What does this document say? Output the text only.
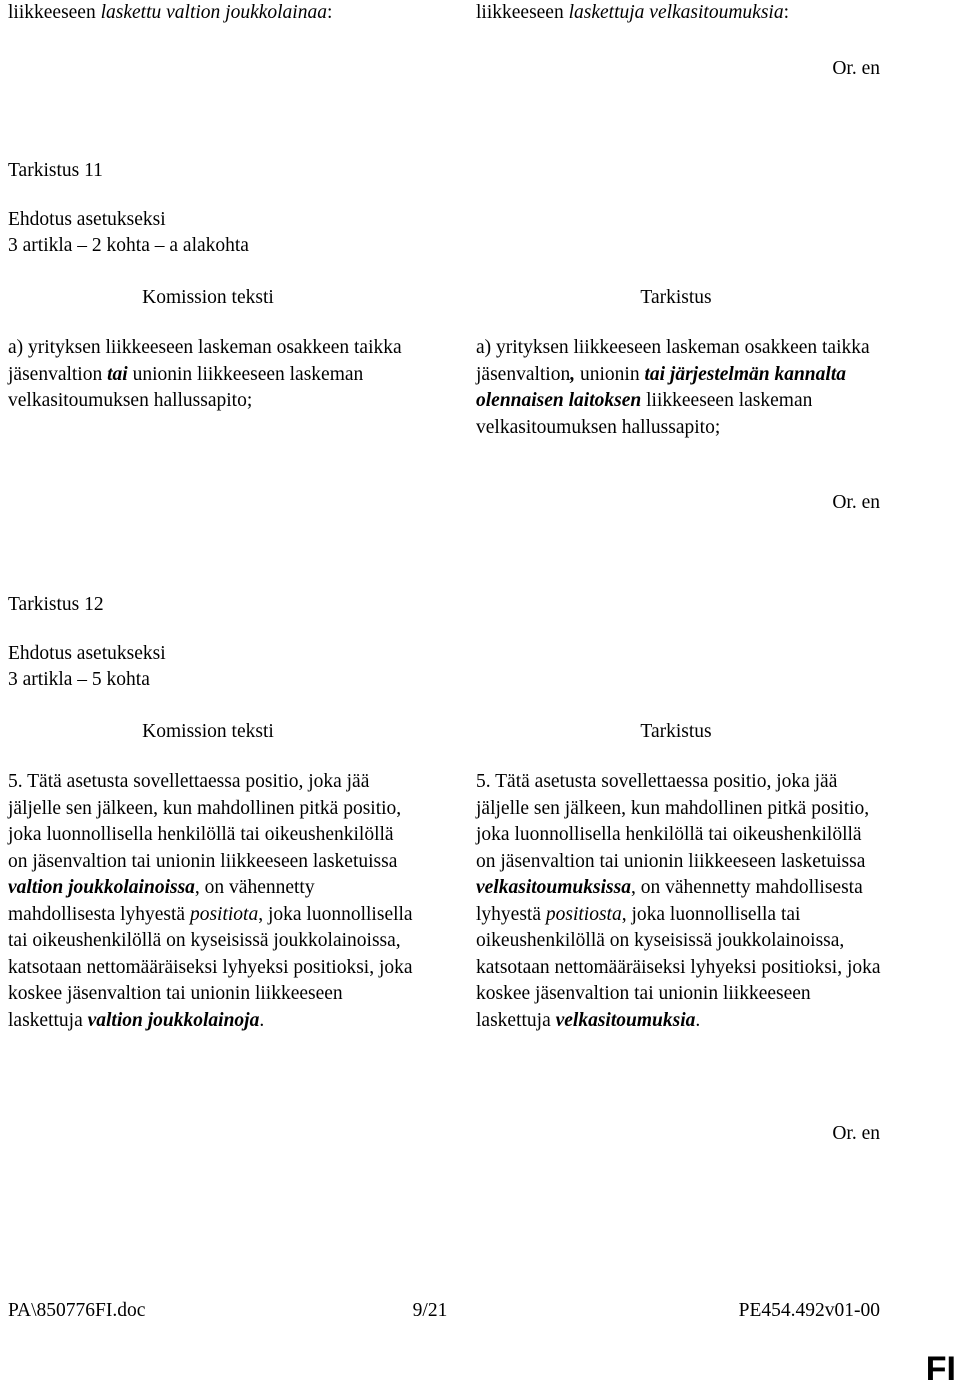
liikkeeseen laskettu valtion joukkolainaa:	liikkeeseen laskettuja velkasitoumuksia:
Or. en
Tarkistus 11
Ehdotus asetukseksi
3 artikla – 2 kohta – a alakohta
Komission teksti	Tarkistus
a) yrityksen liikkeeseen laskeman osakkeen taikka jäsenvaltion tai unionin liikkeeseen laskeman velkasitoumuksen hallussapito;
a) yrityksen liikkeeseen laskeman osakkeen taikka jäsenvaltion, unionin tai järjestelmän kannalta olennaisen laitoksen liikkeeseen laskeman velkasitoumuksen hallussapito;
Or. en
Tarkistus 12
Ehdotus asetukseksi
3 artikla – 5 kohta
Komission teksti	Tarkistus
5. Tätä asetusta sovellettaessa positio, joka jää jäljelle sen jälkeen, kun mahdollinen pitkä positio, joka luonnollisella henkilöllä tai oikeushenkilöllä on jäsenvaltion tai unionin liikkeeseen lasketuissa valtion joukkolainoissa, on vähennetty mahdollisesta lyhyestä positiota, joka luonnollisella tai oikeushenkilöllä on kyseisissä joukkolainoissa, katsotaan nettomääräiseksi lyhyeksi positioksi, joka koskee jäsenvaltion tai unionin liikkeeseen laskettuja valtion joukkolainoja.
5. Tätä asetusta sovellettaessa positio, joka jää jäljelle sen jälkeen, kun mahdollinen pitkä positio, joka luonnollisella henkilöllä tai oikeushenkilöllä on jäsenvaltion tai unionin liikkeeseen lasketuissa velkasitoumuksissa, on vähennetty mahdollisesta lyhyestä positiosta, joka luonnollisella tai oikeushenkilöllä on kyseisissä joukkolainoissa, katsotaan nettomääräiseksi lyhyeksi positioksi, joka koskee jäsenvaltion tai unionin liikkeeseen laskettuja velkasitoumuksia.
Or. en
PA\850776FI.doc	9/21	PE454.492v01-00
FI
